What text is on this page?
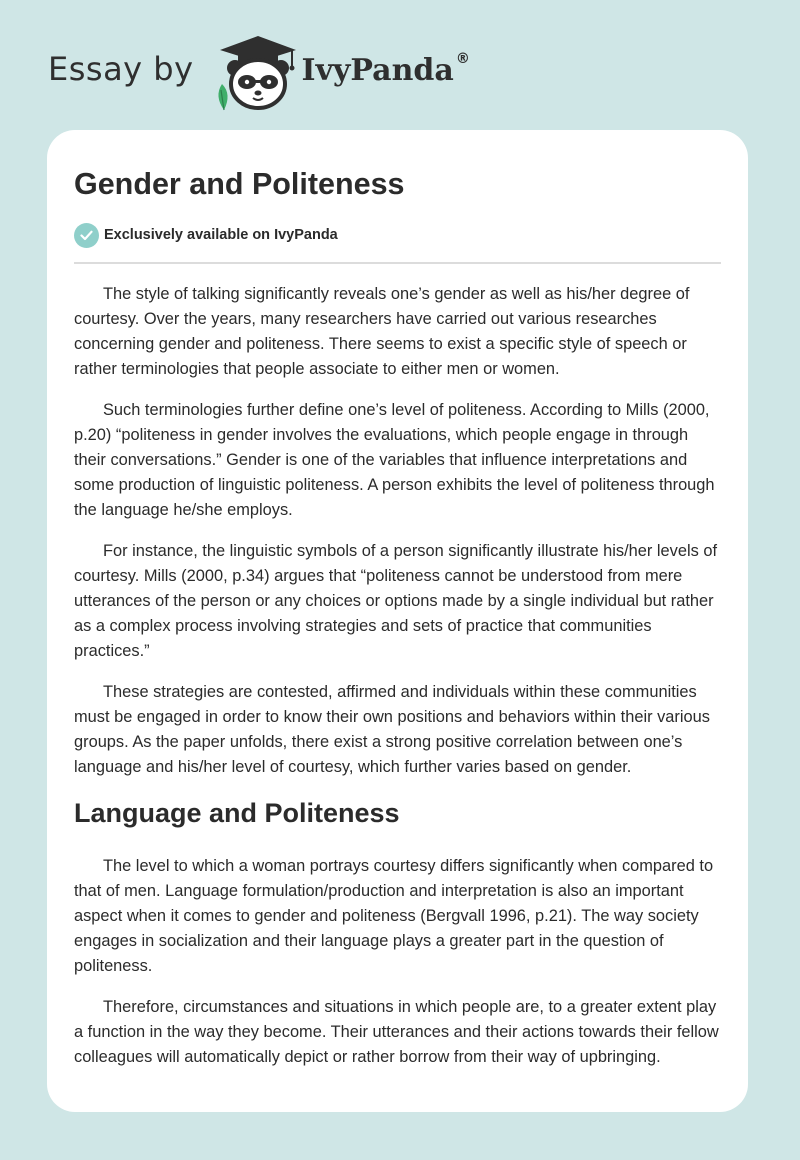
Essay by	IvyPanda ®
Gender and Politeness
Exclusively available on IvyPanda

The style of talking significantly reveals one’s gender as well as his/her degree of courtesy. Over the years, many researchers have carried out various researches concerning gender and politeness. There seems to exist a specific style of speech or rather terminologies that people associate to either men or women.

Such terminologies further define one’s level of politeness. According to Mills (2000, p.20) “politeness in gender involves the evaluations, which people engage in through their conversations.” Gender is one of the variables that influence interpretations and some production of linguistic politeness. A person exhibits the level of politeness through the language he/she employs.

For instance, the linguistic symbols of a person significantly illustrate his/her levels of courtesy. Mills (2000, p.34) argues that “politeness cannot be understood from mere utterances of the person or any choices or options made by a single individual but rather as a complex process involving strategies and sets of practice that communities practices.”

These strategies are contested, affirmed and individuals within these communities must be engaged in order to know their own positions and behaviors within their various groups. As the paper unfolds, there exist a strong positive correlation between one’s language and his/her level of courtesy, which further varies based on gender.

Language and Politeness

The level to which a woman portrays courtesy differs significantly when compared to that of men. Language formulation/production and interpretation is also an important aspect when it comes to gender and politeness (Bergvall 1996, p.21). The way society engages in socialization and their language plays a greater part in the question of politeness.

Therefore, circumstances and situations in which people are, to a greater extent play a function in the way they become. Their utterances and their actions towards their fellow colleagues will automatically depict or rather borrow from their way of upbringing.
